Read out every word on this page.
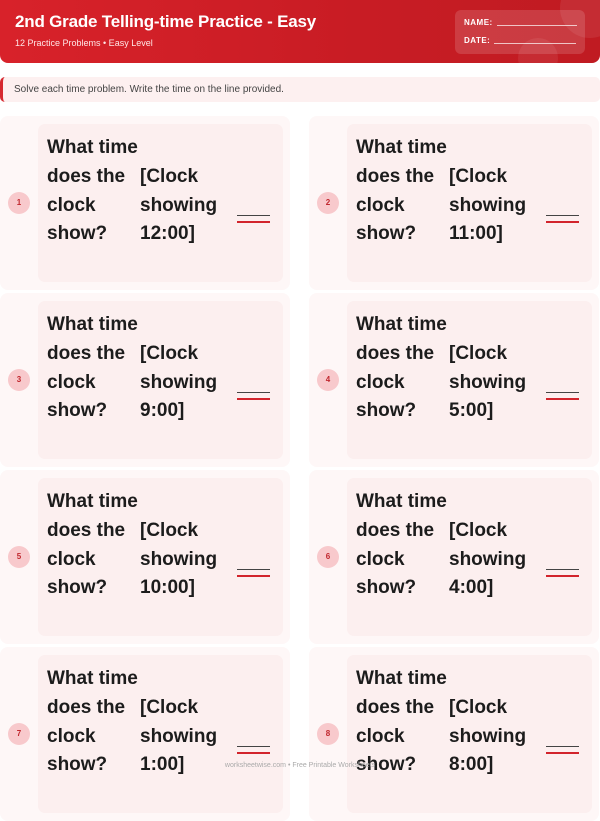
2nd Grade Telling-time Practice - Easy
12 Practice Problems • Easy Level
NAME:
DATE:
Solve each time problem. Write the time on the line provided.
1
What time does the clock show?
[Clock showing 12:00]
2
What time does the clock show?
[Clock showing 11:00]
3
What time does the clock show?
[Clock showing 9:00]
4
What time does the clock show?
[Clock showing 5:00]
5
What time does the clock show?
[Clock showing 10:00]
6
What time does the clock show?
[Clock showing 4:00]
7
What time does the clock show?
[Clock showing 1:00]
8
What time does the clock show?
[Clock showing 8:00]
worksheetwise.com • Free Printable Worksheets
